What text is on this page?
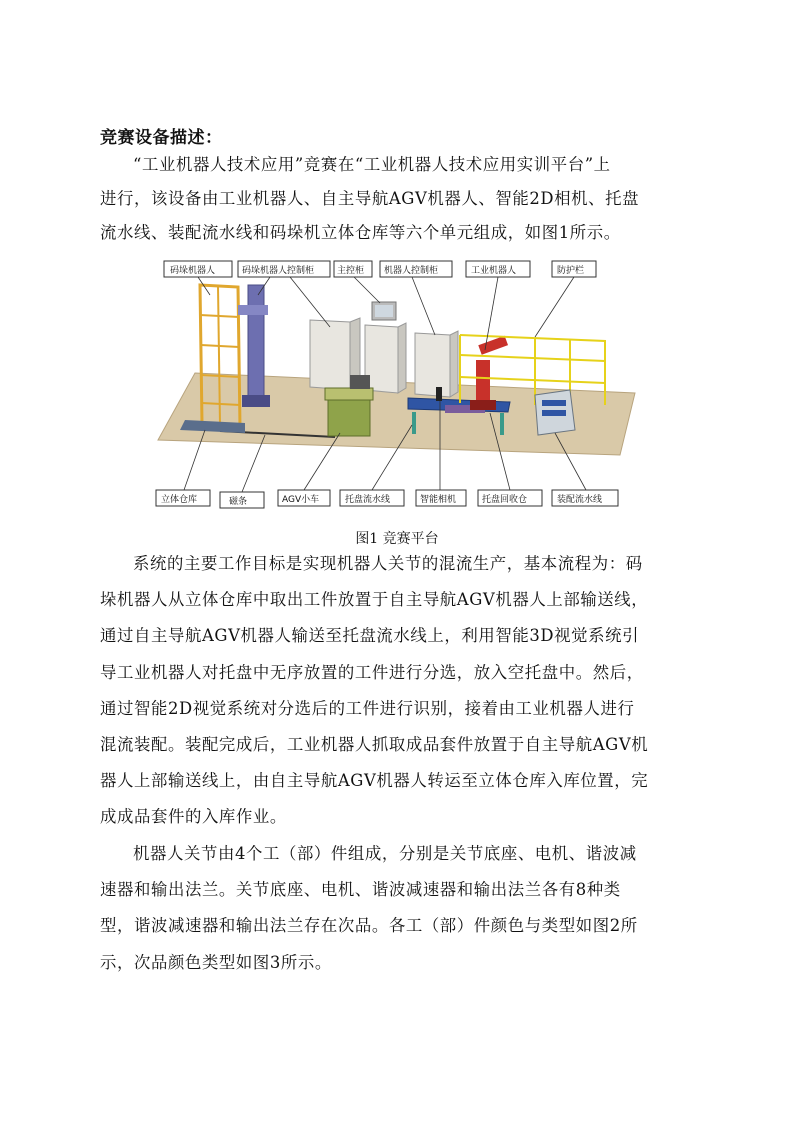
竞赛设备描述：
“工业机器人技术应用”竞赛在“工业机器人技术应用实训平台”上
进行，该设备由工业机器人、自主导航AGV机器人、智能2D相机、托盘
流水线、装配流水线和码垛机立体仓库等六个单元组成，如图1所示。
码垛机器人	码垛机器人控制柜	主控柜 机器人控制柜	工业机器人	防护栏
立体仓库	磁条	AGV小车	托盘流水线	智能相机	托盘回收仓	装配流水线
图1 竞赛平台
系统的主要工作目标是实现机器人关节的混流生产，基本流程为：码
垛机器人从立体仓库中取出工件放置于自主导航AGV机器人上部输送线，
通过自主导航AGV机器人输送至托盘流水线上，利用智能3D视觉系统引
导工业机器人对托盘中无序放置的工件进行分选，放入空托盘中。然后，
通过智能2D视觉系统对分选后的工件进行识别，接着由工业机器人进行
混流装配。装配完成后，工业机器人抓取成品套件放置于自主导航AGV机
器人上部输送线上，由自主导航AGV机器人转运至立体仓库入库位置，完
成成品套件的入库作业。
机器人关节由4个工（部）件组成，分别是关节底座、电机、谐波减
速器和输出法兰。关节底座、电机、谐波减速器和输出法兰各有8种类
型，谐波减速器和输出法兰存在次品。各工（部）件颜色与类型如图2所
示，次品颜色类型如图3所示。
